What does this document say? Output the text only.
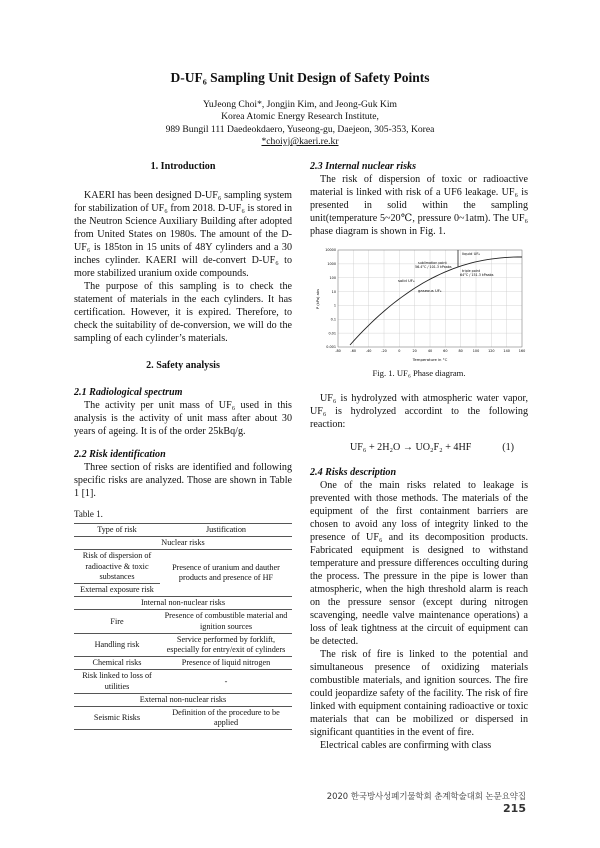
D-UF₆ Sampling Unit Design of Safety Points
YuJeong Choi*, Jongjin Kim, and Jeong-Guk Kim
Korea Atomic Energy Research Institute,
989 Bungil 111 Daedeokdaero, Yuseong-gu, Daejeon, 305-353, Korea
*choiyj@kaeri.re.kr
1. Introduction

KAERI has been designed D-UF₆ sampling system for stabilization of UF₆ from 2018. D-UF₆ is stored in the Neutron Science Auxiliary Building after adopted from United States on 1980s. The amount of the D-UF₆ is 185ton in 15 units of 48Y cylinders and a 30 inches cylinder. KAERI will de-convert D-UF₆ to more stabilized uranium oxide compounds.

The purpose of this sampling is to check the statement of materials in the each cylinders. It has certification. However, it is expired. Therefore, to check the suitability of de-conversion, we will do the sampling of each cylinder’s materials.

2. Safety analysis
2.1 Radiological spectrum

The activity per unit mass of UF₆ used in this analysis is the activity of unit mass after about 30 years of ageing. It is of the order 25kBq/g.

2.2 Risk identification

Three section of risks are identified and following specific risks are analyzed. Those are shown in Table 1 [1].

Table 1.
Type of risk	Justification
Nuclear risks	
Risk of dispersion of radioactive & toxic substances	Presence of uranium and dauther products and presence of HF
External exposure risk	
Internal non-nuclear risks	
Fire	Presence of combustible material and ignition sources
Handling risk	Service performed by forklift, especially for entry/exit of cylinders
Chemical risks	Presence of liquid nitrogen
Risk linked to loss of utilities	-
External non-nuclear risks	
Seismic Risks	Definition of the procedure to be applied
2.3 Internal nuclear risks

The risk of dispersion of toxic or radioactive material is linked with risk of a UF6 leakage. UF₆ is presented in solid within the sampling unit(temperature 5~20℃, pressure 0~1atm). The UF₆ phase diagram is shown in Fig. 1.

10000
1000
100
10
1
0.1
0.01
0.001
-80	-60	-40	-20	0	20	40	60	80	100	120	140	160
P (kPa) abs
Temperature in °C
liquid UF₆
solid UF₆
gaseous UF₆
sublimation point
56.4°C / 101.3 kPaabs
triple point
64°C / 151.3 kPaabs
Fig. 1. UF₆ Phase diagram.

UF₆ is hydrolyzed with atmospheric water vapor, UF₆ is hydrolyzed accordint to the following reaction:

UF₆ + 2H₂O → UO₂F₂ + 4HF	(1)
2.4 Risks description

One of the main risks related to leakage is prevented with those methods. The materials of the equipment of the first containment barriers are chosen to avoid any loss of integrity linked to the presence of UF₆ and its decomposition products. Fabricated equipment is designed to withstand temperature and pressure differences occulting during the process. The pressure in the pipe is lower than atmospheric, when the high threshold alarm is reach on the pressure sensor (except during nitrogen scavenging, needle valve maintenance operations) a loss of leak tightness at the circuit of equipment can be detected.

The risk of fire is linked to the potential and simultaneous presence of oxidizing materials combustible materials, and ignition sources. The fire could jeopardize safety of the facility. The risk of fire linked with equipment containing radioactive or toxic materials that can be mobilized or dispersed in significant quantities in the event of fire.

Electrical cables are confirming with class

2020 한국방사성폐기물학회 춘계학술대회 논문요약집215
